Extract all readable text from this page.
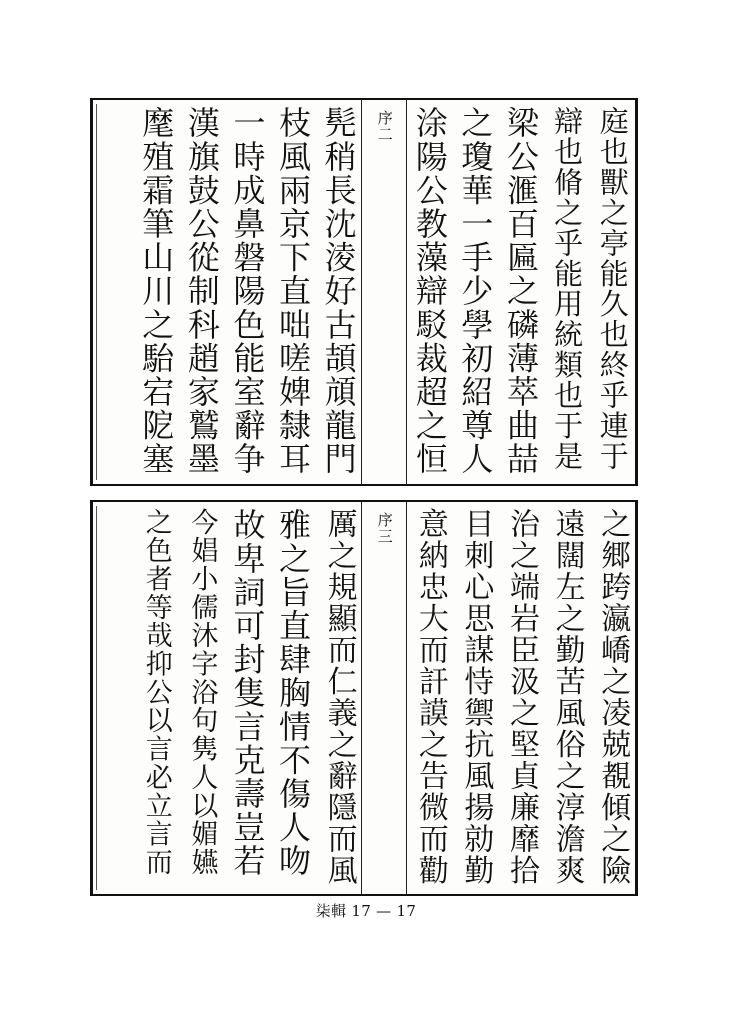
庭也獸之亭能久也終乎連于
辯也脩之乎能用統類也于是
梁公滙百匾之磷薄萃曲喆
之瓊華一手少學初紹尊人
涂陽公教藻辯駁裁超之恒
序二
髡稍長沈淩好古頡頏龍門
枝風兩京下直咄嗟婢隸耳
一時成鼻磐陽色能室辭争
漢旗鼓公從制科趙家鷲墨
麾殖霜筆山川之駘宕阸塞
之郷跨瀛嶠之凌兢覩傾之險
遠闊左之勤苦風俗之淳澹爽
治之端岩臣汲之堅貞廉靡拾
目刺心思謀恃禦抗風揚勍勤
意納忠大而訐謨之告微而勸
序三
厲之規顯而仁義之辭隱而風
雅之旨直肆胸情不傷人吻
故卑詞可封隻言克壽豈若
今娼小儒沐字浴句隽人以媚嬿
之色者等哉抑公以言必立言而
柒輯 17 — 17
